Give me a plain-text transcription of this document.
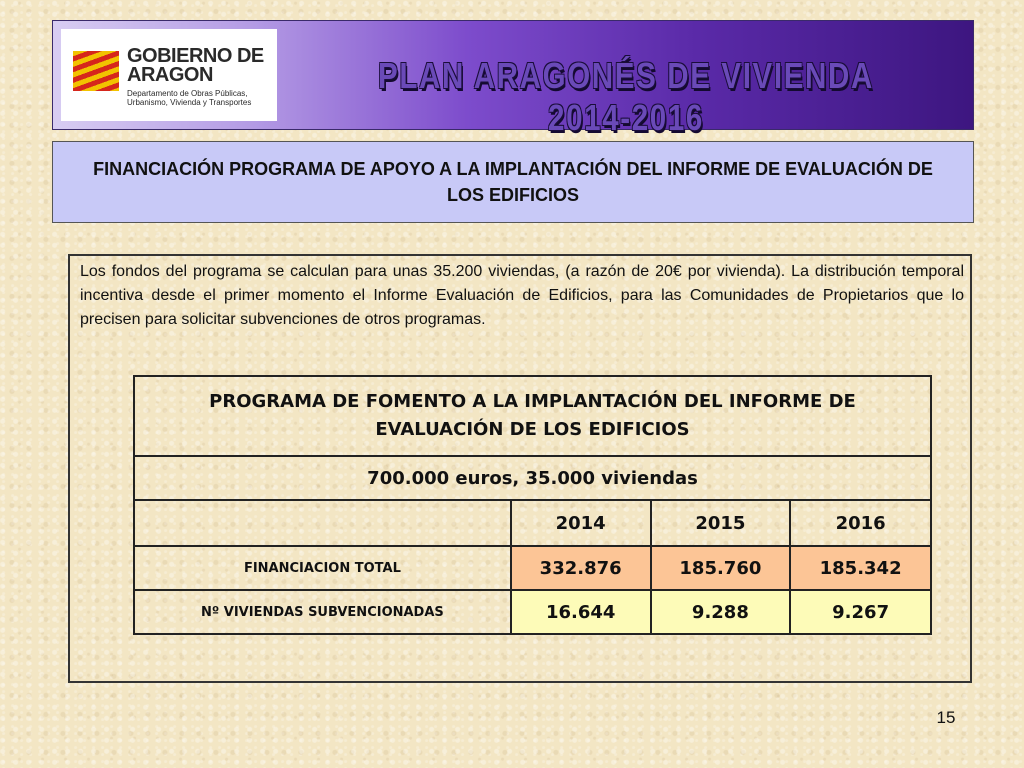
GOBIERNO DE ARAGON
Departamento de Obras Públicas, Urbanismo, Vivienda y Transportes
PLAN ARAGONÉS DE VIVIENDA 2014-2016
FINANCIACIÓN PROGRAMA DE APOYO A LA IMPLANTACIÓN DEL INFORME DE EVALUACIÓN DE LOS EDIFICIOS

Los fondos del programa se calculan para unas 35.200 viviendas, (a razón de 20€ por vivienda). La distribución temporal incentiva desde el primer momento el Informe Evaluación de Edificios, para las Comunidades de Propietarios que lo precisen para solicitar subvenciones de otros programas.

PROGRAMA DE FOMENTO A LA IMPLANTACIÓN DEL INFORME DE EVALUACIÓN DE LOS EDIFICIOS			
700.000 euros, 35.000 viviendas			
	2014	2015	2016
FINANCIACION TOTAL	332.876	185.760	185.342
Nº VIVIENDAS SUBVENCIONADAS	16.644	9.288	9.267
15
